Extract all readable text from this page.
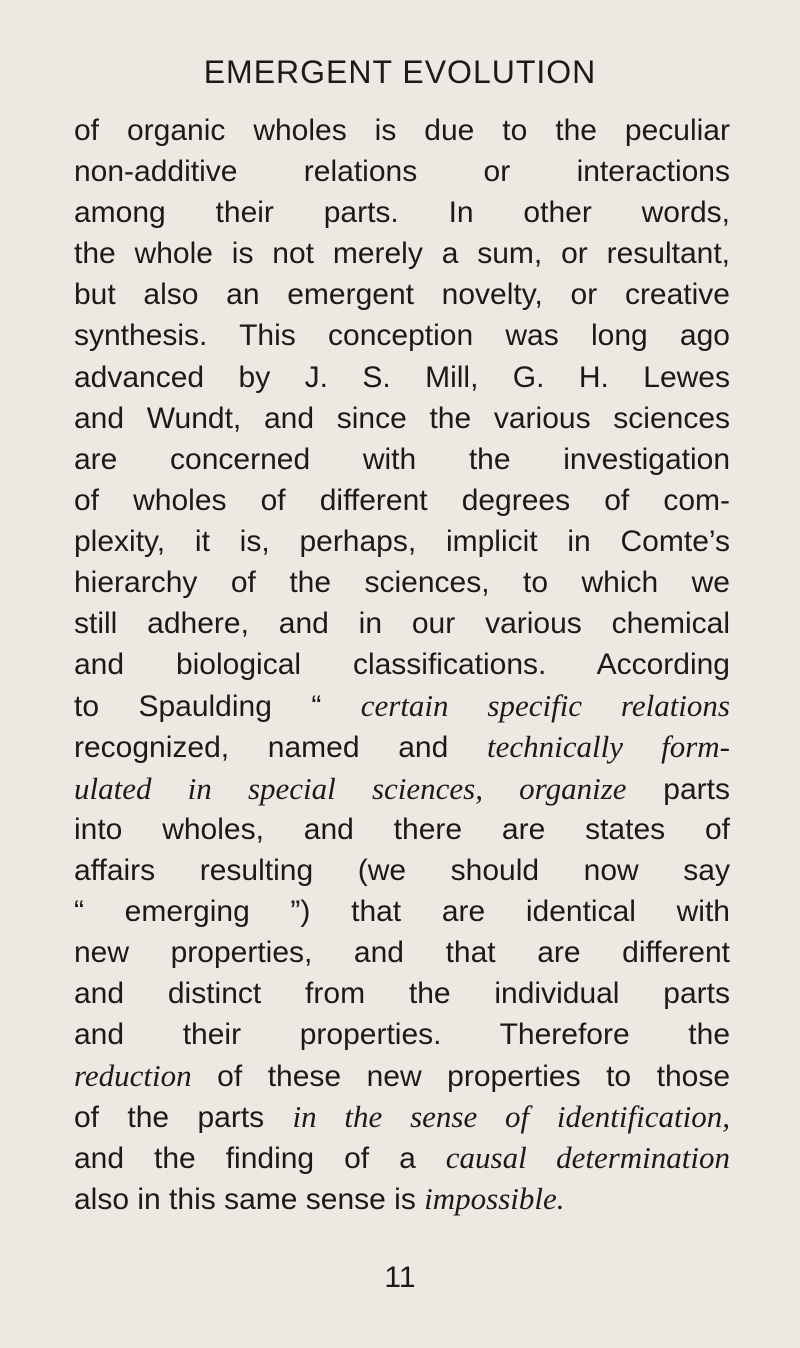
EMERGENT EVOLUTION
of organic wholes is due to the peculiar
non-additive relations or interactions
among their parts. In other words,
the whole is not merely a sum, or resultant,
but also an emergent novelty, or creative
synthesis. This conception was long ago
advanced by J. S. Mill, G. H. Lewes
and Wundt, and since the various sciences
are concerned with the investigation
of wholes of different degrees of com-
plexity, it is, perhaps, implicit in Comte’s
hierarchy of the sciences, to which we
still adhere, and in our various chemical
and biological classifications. According
to Spaulding “ certain specific relations
recognized, named and technically form-
ulated in special sciences, organize parts
into wholes, and there are states of
affairs resulting (we should now say
“ emerging ”) that are identical with
new properties, and that are different
and distinct from the individual parts
and their properties. Therefore the
reduction of these new properties to those
of the parts in the sense of identification,
and the finding of a causal determination
also in this same sense is impossible.
11
